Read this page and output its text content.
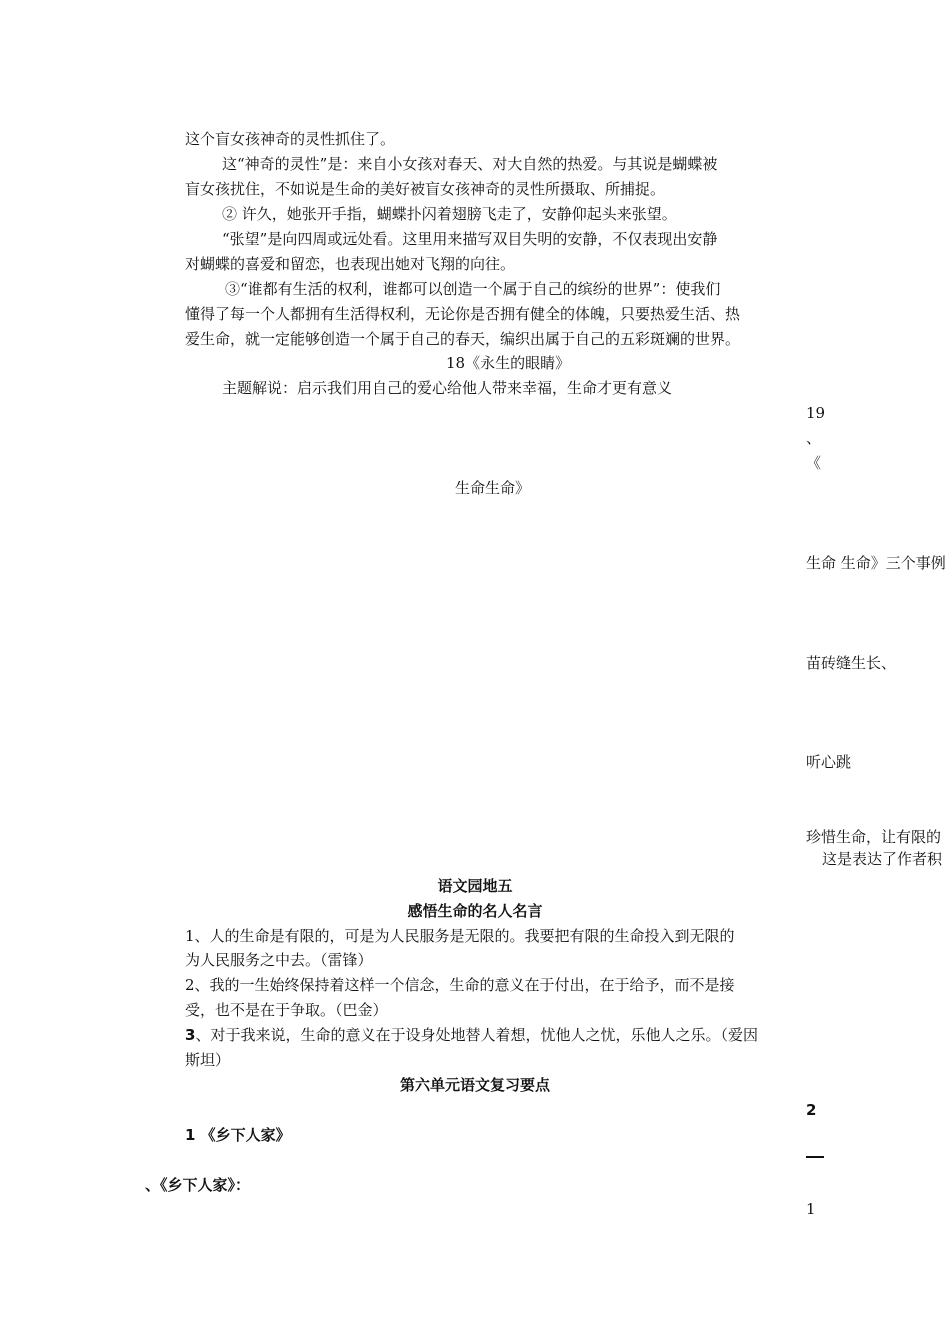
这个盲女孩神奇的灵性抓住了。
这“神奇的灵性”是：来自小女孩对春天、对大自然的热爱。与其说是蝴蝶被
盲女孩扰住，不如说是生命的美好被盲女孩神奇的灵性所摄取、所捕捉。
② 许久，她张开手指，蝴蝶扑闪着翅膀飞走了，安静仰起头来张望。
“张望”是向四周或远处看。这里用来描写双目失明的安静，不仅表现出安静
对蝴蝶的喜爱和留恋，也表现出她对飞翔的向往。
③“谁都有生活的权利，谁都可以创造一个属于自己的缤纷的世界”：使我们
懂得了每一个人都拥有生活得权利，无论你是否拥有健全的体魄，只要热爱生活、热
爱生命，就一定能够创造一个属于自己的春天，编织出属于自己的五彩斑斓的世界。
18《永生的眼睛》
主题解说：启示我们用自己的爱心给他人带来幸福，生命才更有意义
生命生命》
19
、
《
生命 生命》三个事例
苗砖缝生长、
听心跳
珍惜生命，让有限的
这是表达了作者积
语文园地五
感悟生命的名人名言
1、人的生命是有限的，可是为人民服务是无限的。我要把有限的生命投入到无限的
为人民服务之中去。（雷锋）
2、我的一生始终保持着这样一个信念，生命的意义在于付出，在于给予，而不是接
受，也不是在于争取。（巴金）
3、对于我来说，生命的意义在于设身处地替人着想，忧他人之忧，乐他人之乐。（爱因
斯坦）
第六单元语文复习要点
1 《乡下人家》
、《乡下人家》：
2
1
